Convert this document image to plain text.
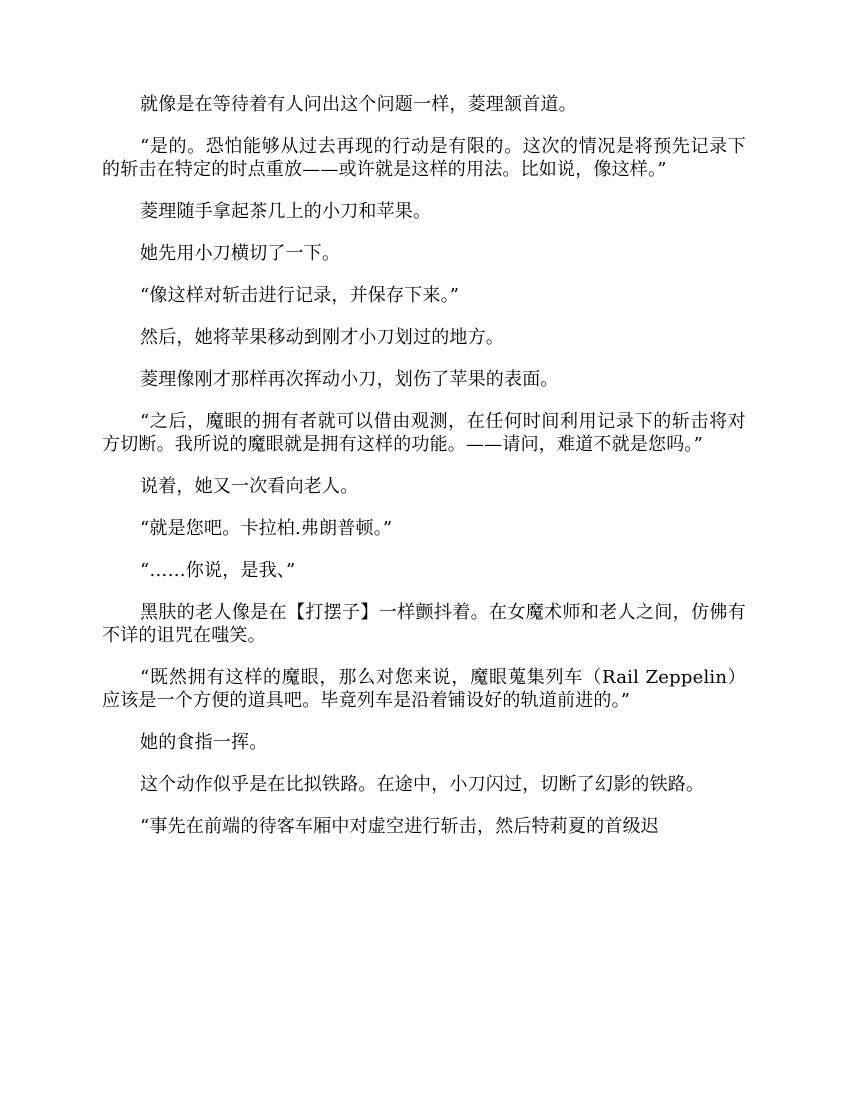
就像是在等待着有人问出这个问题一样，菱理颔首道。

“是的。恐怕能够从过去再现的行动是有限的。这次的情况是将预先记录下的斩击在特定的时点重放——或许就是这样的用法。比如说，像这样。”

菱理随手拿起茶几上的小刀和苹果。

她先用小刀横切了一下。

“像这样对斩击进行记录，并保存下来。”

然后，她将苹果移动到刚才小刀划过的地方。

菱理像刚才那样再次挥动小刀，划伤了苹果的表面。

“之后，魔眼的拥有者就可以借由观测，在任何时间利用记录下的斩击将对方切断。我所说的魔眼就是拥有这样的功能。——请问，难道不就是您吗。”

说着，她又一次看向老人。

“就是您吧。卡拉柏.弗朗普顿。”

“……你说，是我、”

黑肤的老人像是在【打摆子】一样颤抖着。在女魔术师和老人之间，仿佛有不详的诅咒在嗤笑。

“既然拥有这样的魔眼，那么对您来说，魔眼蒐集列车（Rail Zeppelin）应该是一个方便的道具吧。毕竟列车是沿着铺设好的轨道前进的。”

她的食指一挥。

这个动作似乎是在比拟铁路。在途中，小刀闪过，切断了幻影的铁路。

“事先在前端的待客车厢中对虚空进行斩击，然后特莉夏的首级迟
